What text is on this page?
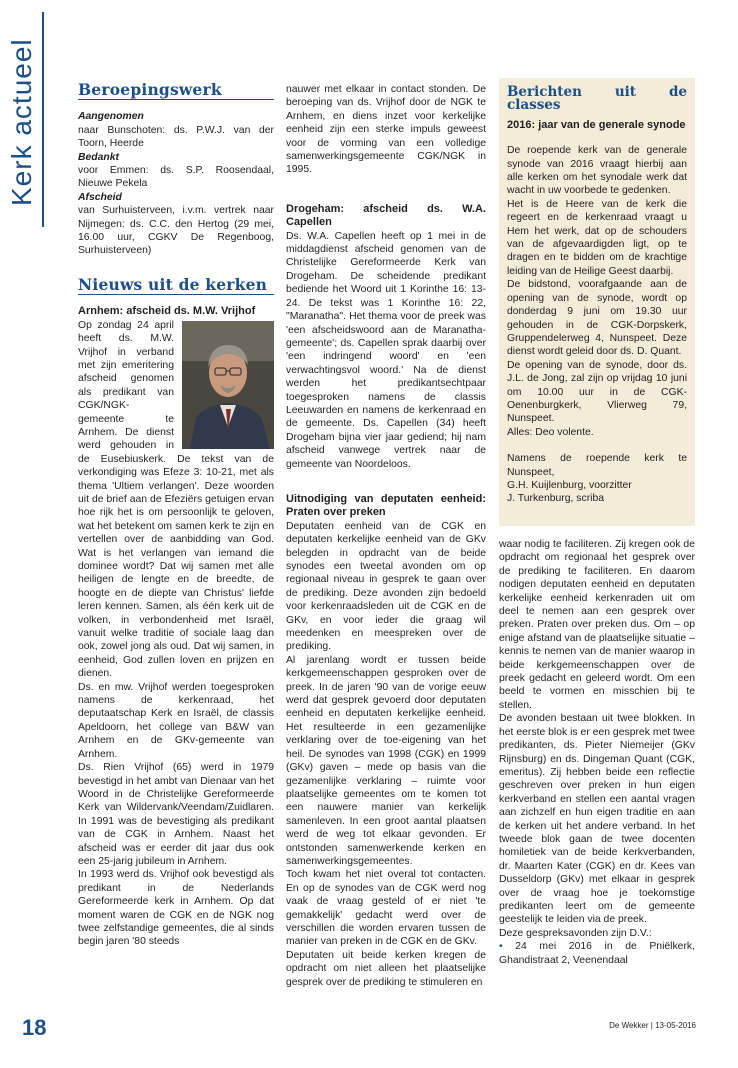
Kerk actueel	Beroepingswerk

Aangenomen

naar Bunschoten: ds. P.W.J. van der Toorn, Heerde

Bedankt

voor Emmen: ds. S.P. Roosendaal, Nieuwe Pekela

Afscheid

van Surhuisterveen, i.v.m. vertrek naar Nijmegen: ds. C.C. den Hertog (29 mei, 16.00 uur, CGKV De Regenboog, Surhuisterveen)

Nieuws uit de kerken

Arnhem: afscheid ds. M.W. Vrijhof

Op zondag 24 april heeft ds. M.W. Vrijhof in verband met zijn emeritering afscheid genomen als predikant van CGK/NGK-gemeente te Arnhem. De dienst werd gehouden in de Eusebiuskerk. De tekst van de verkondiging was Efeze 3: 10-21, met als thema 'Ultiem verlangen'. Deze woorden uit de brief aan de Efeziërs getuigen ervan hoe rijk het is om persoonlijk te geloven, wat het betekent om samen kerk te zijn en vertellen over de aanbidding van God. Wat is het verlangen van iemand die dominee wordt? Dat wij samen met alle heiligen de lengte en de breedte, de hoogte en de diepte van Christus' liefde leren kennen. Samen, als één kerk uit de volken, in verbondenheid met Israël, vanuit welke traditie of sociale laag dan ook, zowel jong als oud. Dat wij samen, in eenheid, God zullen loven en prijzen en dienen.

Ds. en mw. Vrijhof werden toegesproken namens de kerkenraad, het deputaatschap Kerk en Israël, de classis Apeldoorn, het college van B&W van Arnhem en de GKv-gemeente van Arnhem.

Ds. Rien Vrijhof (65) werd in 1979 bevestigd in het ambt van Dienaar van het Woord in de Christelijke Gereformeerde Kerk van Wildervank/Veendam/Zuidlaren. In 1991 was de bevestiging als predikant van de CGK in Arnhem. Naast het afscheid was er eerder dit jaar dus ook een 25-jarig jubileum in Arnhem.

In 1993 werd ds. Vrijhof ook bevestigd als predikant in de Nederlands Gereformeerde kerk in Arnhem. Op dat moment waren de CGK en de NGK nog twee zelfstandige gemeentes, die al sinds begin jaren '80 steeds

nauwer met elkaar in contact stonden. De beroeping van ds. Vrijhof door de NGK te Arnhem, en diens inzet voor kerkelijke eenheid zijn een sterke impuls geweest voor de vorming van een volledige samenwerkingsgemeente CGK/NGK in 1995.

Drogeham: afscheid ds. W.A. Capellen

Ds. W.A. Capellen heeft op 1 mei in de middagdienst afscheid genomen van de Christelijke Gereformeerde Kerk van Drogeham. De scheidende predikant bediende het Woord uit 1 Korinthe 16: 13-24. De tekst was 1 Korinthe 16: 22, "Maranatha". Het thema voor de preek was 'een afscheidswoord aan de Maranatha-gemeente'; ds. Capellen sprak daarbij over 'een indringend woord' en 'een verwachtingsvol woord.' Na de dienst werden het predikantsechtpaar toegesproken namens de classis Leeuwarden en namens de kerkenraad en de gemeente. Ds. Capellen (34) heeft Drogeham bijna vier jaar gediend; hij nam afscheid vanwege vertrek naar de gemeente van Noordeloos.

Uitnodiging van deputaten eenheid: Praten over preken

Deputaten eenheid van de CGK en deputaten kerkelijke eenheid van de GKv belegden in opdracht van de beide synodes een tweetal avonden om op regionaal niveau in gesprek te gaan over de prediking. Deze avonden zijn bedoeld voor kerkenraadsleden uit de CGK en de GKv, en voor ieder die graag wil meedenken en meespreken over de prediking.

Al jarenlang wordt er tussen beide kerkgemeenschappen gesproken over de preek. In de jaren '90 van de vorige eeuw werd dat gesprek gevoerd door deputaten eenheid en deputaten kerkelijke eenheid. Het resulteerde in een gezamenlijke verklaring over de toe-eigening van het heil. De synodes van 1998 (CGK) en 1999 (GKv) gaven – mede op basis van die gezamenlijke verklaring – ruimte voor plaatselijke gemeentes om te komen tot een nauwere manier van kerkelijk samenleven. In een groot aantal plaatsen werd de weg tot elkaar gevonden. Er ontstonden samenwerkende kerken en samenwerkingsgemeentes.

Toch kwam het niet overal tot contacten. En op de synodes van de CGK werd nog vaak de vraag gesteld of er niet 'te gemakkelijk' gedacht werd over de verschillen die worden ervaren tussen de manier van preken in de CGK en de GKv.

Deputaten uit beide kerken kregen de opdracht om niet alleen het plaatselijke gesprek over de prediking te stimuleren en

Berichten uit de classes

2016: jaar van de generale synode

De roepende kerk van de generale synode van 2016 vraagt hierbij aan alle kerken om het synodale werk dat wacht in uw voorbede te gedenken.

Het is de Heere van de kerk die regeert en de kerkenraad vraagt u Hem het werk, dat op de schouders van de afgevaardigden ligt, op te dragen en te bidden om de krachtige leiding van de Heilige Geest daarbij.

De bidstond, voorafgaande aan de opening van de synode, wordt op donderdag 9 juni om 19.30 uur gehouden in de CGK-Dorpskerk, Gruppendelerweg 4, Nunspeet. Deze dienst wordt geleid door ds. D. Quant.

De opening van de synode, door ds. J.L. de Jong, zal zijn op vrijdag 10 juni om 10.00 uur in de CGK-Oenenburgkerk, Vlierweg 79, Nunspeet.

Alles: Deo volente.

Namens de roepende kerk te Nunspeet,

G.H. Kuijlenburg, voorzitter

J. Turkenburg, scriba

waar nodig te faciliteren. Zij kregen ook de opdracht om regionaal het gesprek over de prediking te faciliteren. En daarom nodigen deputaten eenheid en deputaten kerkelijke eenheid kerkenraden uit om deel te nemen aan een gesprek over preken. Praten over preken dus. Om – op enige afstand van de plaatselijke situatie – kennis te nemen van de manier waarop in beide kerkgemeenschappen over de preek gedacht en geleerd wordt. Om een beeld te vormen en misschien bij te stellen.

De avonden bestaan uit twee blokken. In het eerste blok is er een gesprek met twee predikanten, ds. Pieter Niemeijer (GKv Rijnsburg) en ds. Dingeman Quant (CGK, emeritus). Zij hebben beide een reflectie geschreven over preken in hun eigen kerkverband en stellen een aantal vragen aan zichzelf en hun eigen traditie en aan de kerken uit het andere verband. In het tweede blok gaan de twee docenten homiletiek van de beide kerkverbanden, dr. Maarten Kater (CGK) en dr. Kees van Dusseldorp (GKv) met elkaar in gesprek over de vraag hoe je toekomstige predikanten leert om de gemeente geestelijk te leiden via de preek.

Deze gespreksavonden zijn D.V.:

• 24 mei 2016 in de Pniëlkerk, Ghandistraat 2, Veenendaal

18	De Wekker | 13-05-2016
